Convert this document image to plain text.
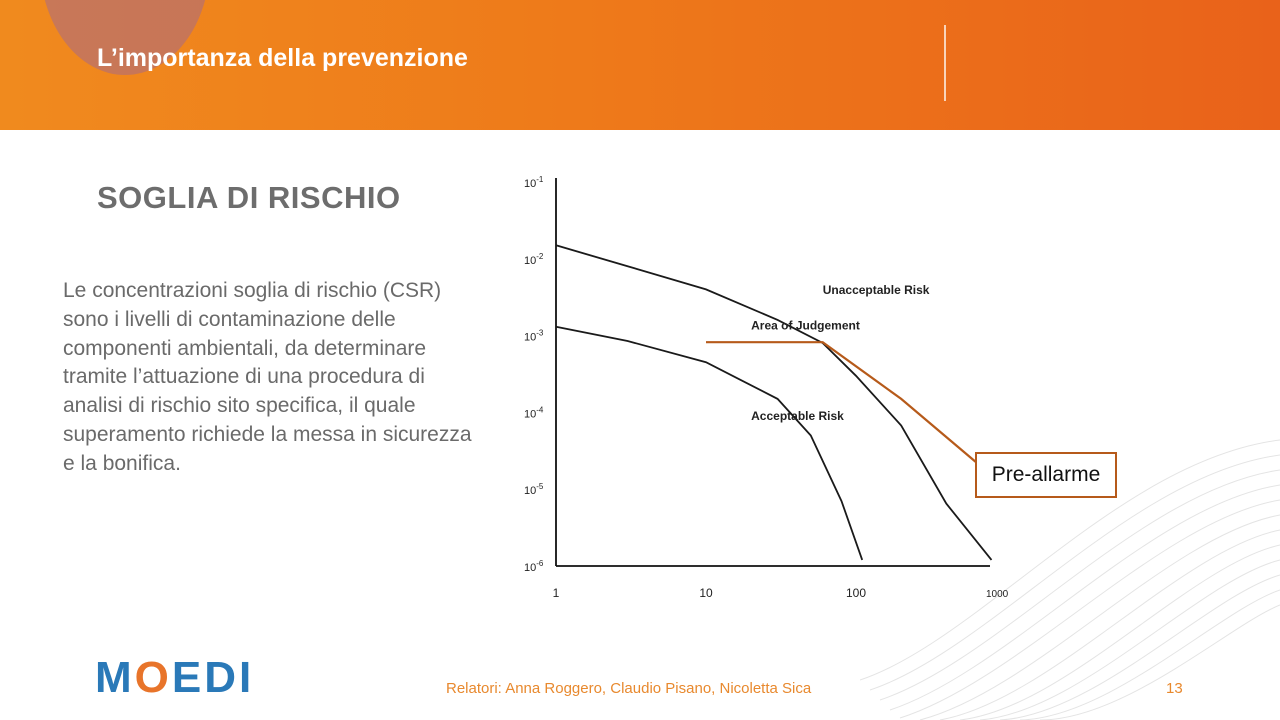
L’importanza della prevenzione
SOGLIA DI RISCHIO
Le concentrazioni soglia di rischio (CSR) sono i livelli di contaminazione delle componenti ambientali, da determinare tramite l’attuazione di una procedura di analisi di rischio sito specifica, il quale superamento richiede la messa in sicurezza e la bonifica.
$10^{-1}$
$10^{-2}$
$10^{-3}$
$10^{-4}$
$10^{-5}$
$10^{-6}$
1	10	100	1000
Unacceptable Risk
Area of Judgement
Acceptable Risk
Pre-allarme
MOEDI	Relatori: Anna Roggero, Claudio Pisano, Nicoletta Sica	13
